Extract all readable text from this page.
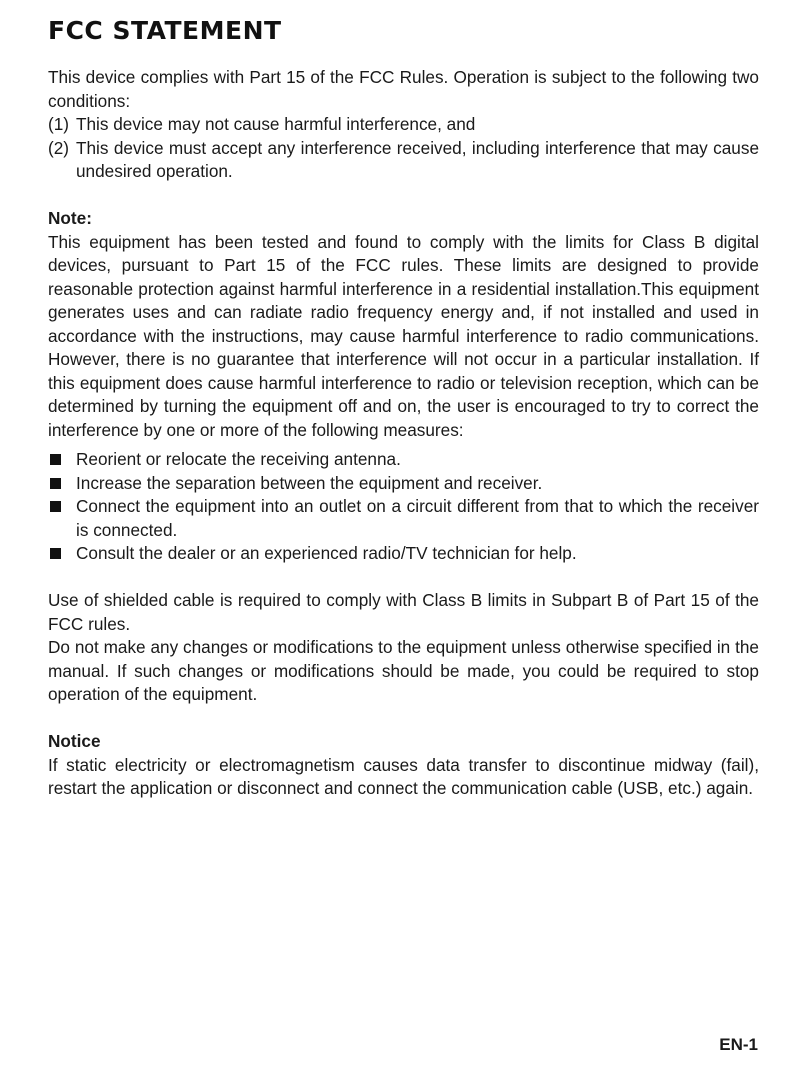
FCC STATEMENT

This device complies with Part 15 of the FCC Rules. Operation is subject to the following two conditions:

(1) This device may not cause harmful interference, and
(2) This device must accept any interference received, including interference that may cause undesired operation.
Note:

This equipment has been tested and found to comply with the limits for Class B digital devices, pursuant to Part 15 of the FCC rules. These limits are designed to provide reasonable protection against harmful interference in a residential installation.This equipment generates uses and can radiate radio frequency energy and, if not installed and used in accordance with the instructions, may cause harmful interference to radio communications. However, there is no guarantee that interference will not occur in a particular installation. If this equipment does cause harmful interference to radio or television reception, which can be determined by turning the equipment off and on, the user is encouraged to try to correct the interference by one or more of the following measures:

Reorient or relocate the receiving antenna.
Increase the separation between the equipment and receiver.
Connect the equipment into an outlet on a circuit different from that to which the receiver is connected.
Consult the dealer or an experienced radio/TV technician for help.

Use of shielded cable is required to comply with Class B limits in Subpart B of Part 15 of the FCC rules.

Do not make any changes or modifications to the equipment unless otherwise specified in the manual. If such changes or modifications should be made, you could be required to stop operation of the equipment.

Notice

If static electricity or electromagnetism causes data transfer to discontinue midway (fail), restart the application or disconnect and connect the communication cable (USB, etc.) again.

EN-1
